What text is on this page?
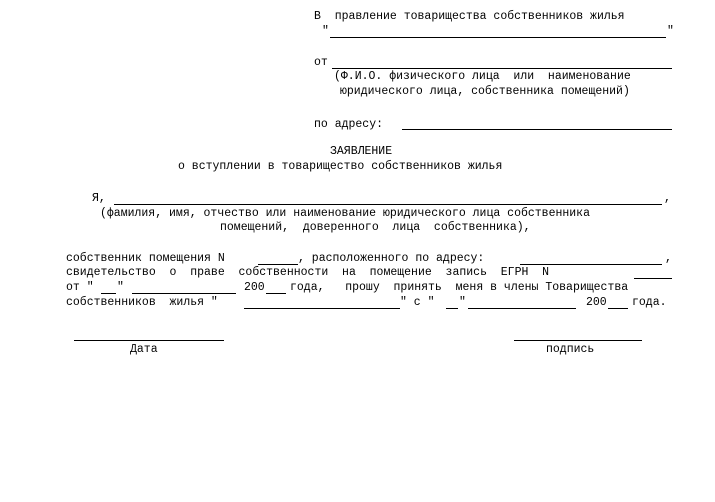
В  правление товарищества собственников жилья
"	"
от
(Ф.И.О. физического лица  или  наименование
юридического лица, собственника помещений)
по адресу:
ЗАЯВЛЕНИЕ
о вступлении в товарищество собственников жилья
Я,	,
(фамилия, имя, отчество или наименование юридического лица собственника
помещений,  доверенного  лица  собственника),
собственник помещения N	, расположенного по адресу:	,
свидетельство  о  праве  собственности  на  помещение  запись  ЕГРН  N
от " "	200 года,   прошу  принять  меня в члены Товарищества
собственников  жилья "	" с " "	200 года.
Дата	подпись
